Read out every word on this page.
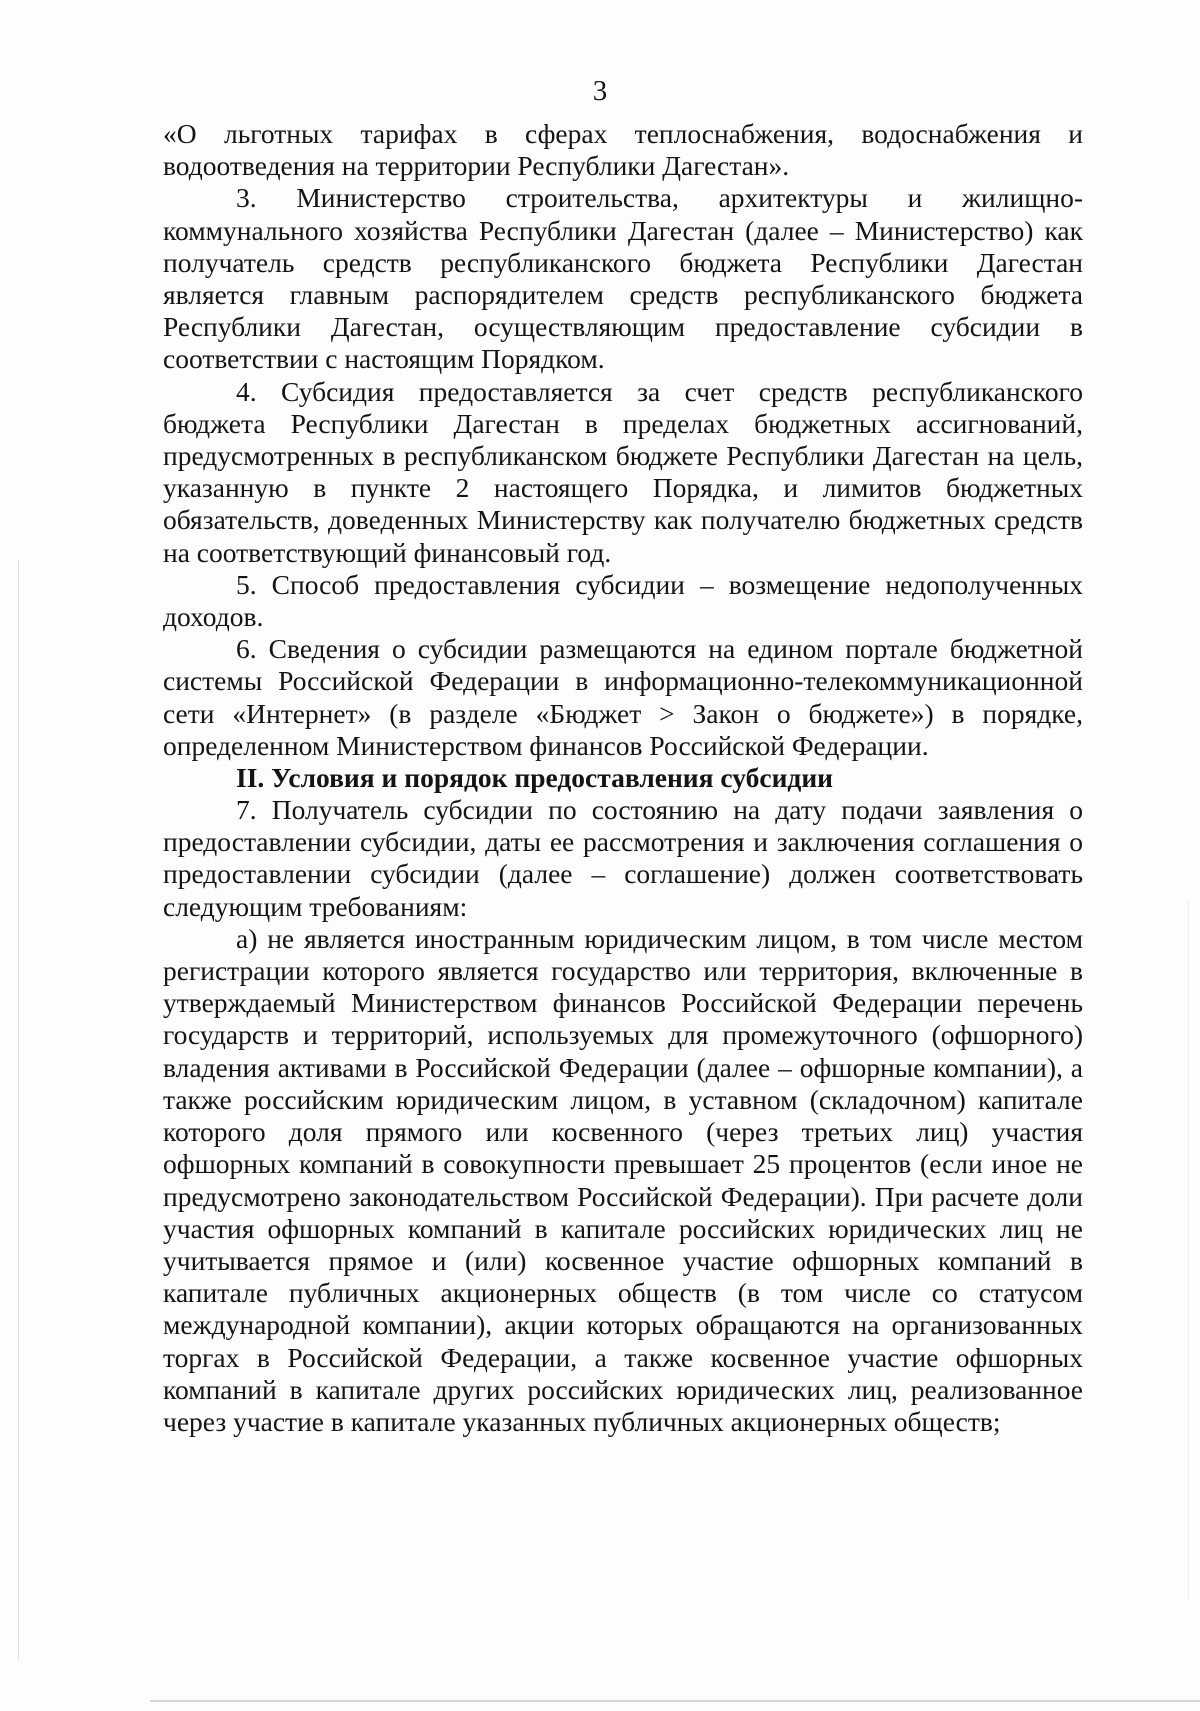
3

«О льготных тарифах в сферах теплоснабжения, водоснабжения и водоотведения на территории Республики Дагестан».

3. Министерство строительства, архитектуры и жилищно-коммунального хозяйства Республики Дагестан (далее – Министерство) как получатель средств республиканского бюджета Республики Дагестан является главным распорядителем средств республиканского бюджета Республики Дагестан, осуществляющим предоставление субсидии в соответствии с настоящим Порядком.

4. Субсидия предоставляется за счет средств республиканского бюджета Республики Дагестан в пределах бюджетных ассигнований, предусмотренных в республиканском бюджете Республики Дагестан на цель, указанную в пункте 2 настоящего Порядка, и лимитов бюджетных обязательств, доведенных Министерству как получателю бюджетных средств на соответствующий финансовый год.

5. Способ предоставления субсидии – возмещение недополученных доходов.

6. Сведения о субсидии размещаются на едином портале бюджетной системы Российской Федерации в информационно-телекоммуникационной сети «Интернет» (в разделе «Бюджет > Закон о бюджете») в порядке, определенном Министерством финансов Российской Федерации.

II. Условия и порядок предоставления субсидии

7. Получатель субсидии по состоянию на дату подачи заявления о предоставлении субсидии, даты ее рассмотрения и заключения соглашения о предоставлении субсидии (далее – соглашение) должен соответствовать следующим требованиям:

а) не является иностранным юридическим лицом, в том числе местом регистрации которого является государство или территория, включенные в утверждаемый Министерством финансов Российской Федерации перечень государств и территорий, используемых для промежуточного (офшорного) владения активами в Российской Федерации (далее – офшорные компании), а также российским юридическим лицом, в уставном (складочном) капитале которого доля прямого или косвенного (через третьих лиц) участия офшорных компаний в совокупности превышает 25 процентов (если иное не предусмотрено законодательством Российской Федерации). При расчете доли участия офшорных компаний в капитале российских юридических лиц не учитывается прямое и (или) косвенное участие офшорных компаний в капитале публичных акционерных обществ (в том числе со статусом международной компании), акции которых обращаются на организованных торгах в Российской Федерации, а также косвенное участие офшорных компаний в капитале других российских юридических лиц, реализованное через участие в капитале указанных публичных акционерных обществ;
